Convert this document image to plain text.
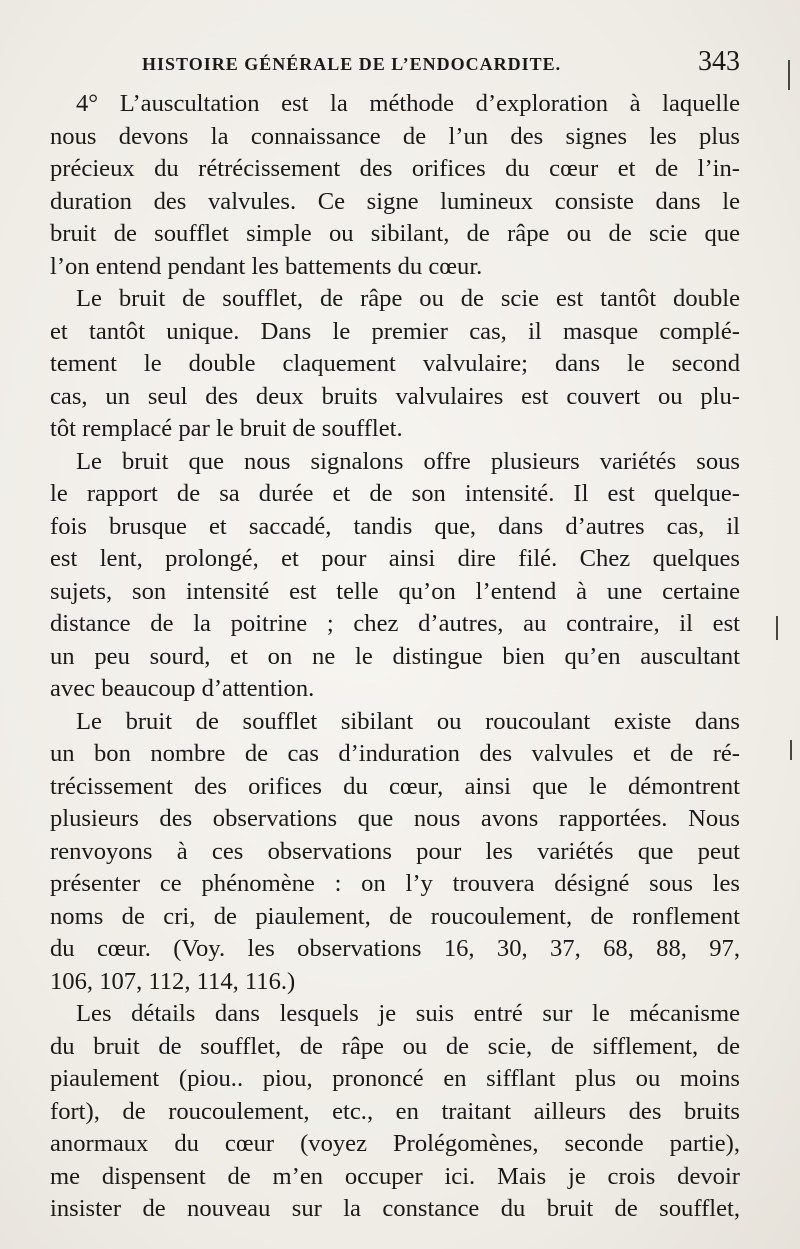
HISTOIRE GÉNÉRALE DE L’ENDOCARDITE.	343
4° L’auscultation est la méthode d’exploration à laquelle
nous devons la connaissance de l’un des signes les plus
précieux du rétrécissement des orifices du cœur et de l’in-
duration des valvules. Ce signe lumineux consiste dans le
bruit de soufflet simple ou sibilant, de râpe ou de scie que
l’on entend pendant les battements du cœur.
Le bruit de soufflet, de râpe ou de scie est tantôt double
et tantôt unique. Dans le premier cas, il masque complé-
tement le double claquement valvulaire; dans le second
cas, un seul des deux bruits valvulaires est couvert ou plu-
tôt remplacé par le bruit de soufflet.
Le bruit que nous signalons offre plusieurs variétés sous
le rapport de sa durée et de son intensité. Il est quelque-
fois brusque et saccadé, tandis que, dans d’autres cas, il
est lent, prolongé, et pour ainsi dire filé. Chez quelques
sujets, son intensité est telle qu’on l’entend à une certaine
distance de la poitrine ; chez d’autres, au contraire, il est
un peu sourd, et on ne le distingue bien qu’en auscultant
avec beaucoup d’attention.
Le bruit de soufflet sibilant ou roucoulant existe dans
un bon nombre de cas d’induration des valvules et de ré-
trécissement des orifices du cœur, ainsi que le démontrent
plusieurs des observations que nous avons rapportées. Nous
renvoyons à ces observations pour les variétés que peut
présenter ce phénomène : on l’y trouvera désigné sous les
noms de cri, de piaulement, de roucoulement, de ronflement
du cœur. (Voy. les observations 16, 30, 37, 68, 88, 97,
106, 107, 112, 114, 116.)
Les détails dans lesquels je suis entré sur le mécanisme
du bruit de soufflet, de râpe ou de scie, de sifflement, de
piaulement (piou.. piou, prononcé en sifflant plus ou moins
fort), de roucoulement, etc., en traitant ailleurs des bruits
anormaux du cœur (voyez Prolégomènes, seconde partie),
me dispensent de m’en occuper ici. Mais je crois devoir
insister de nouveau sur la constance du bruit de soufflet,
